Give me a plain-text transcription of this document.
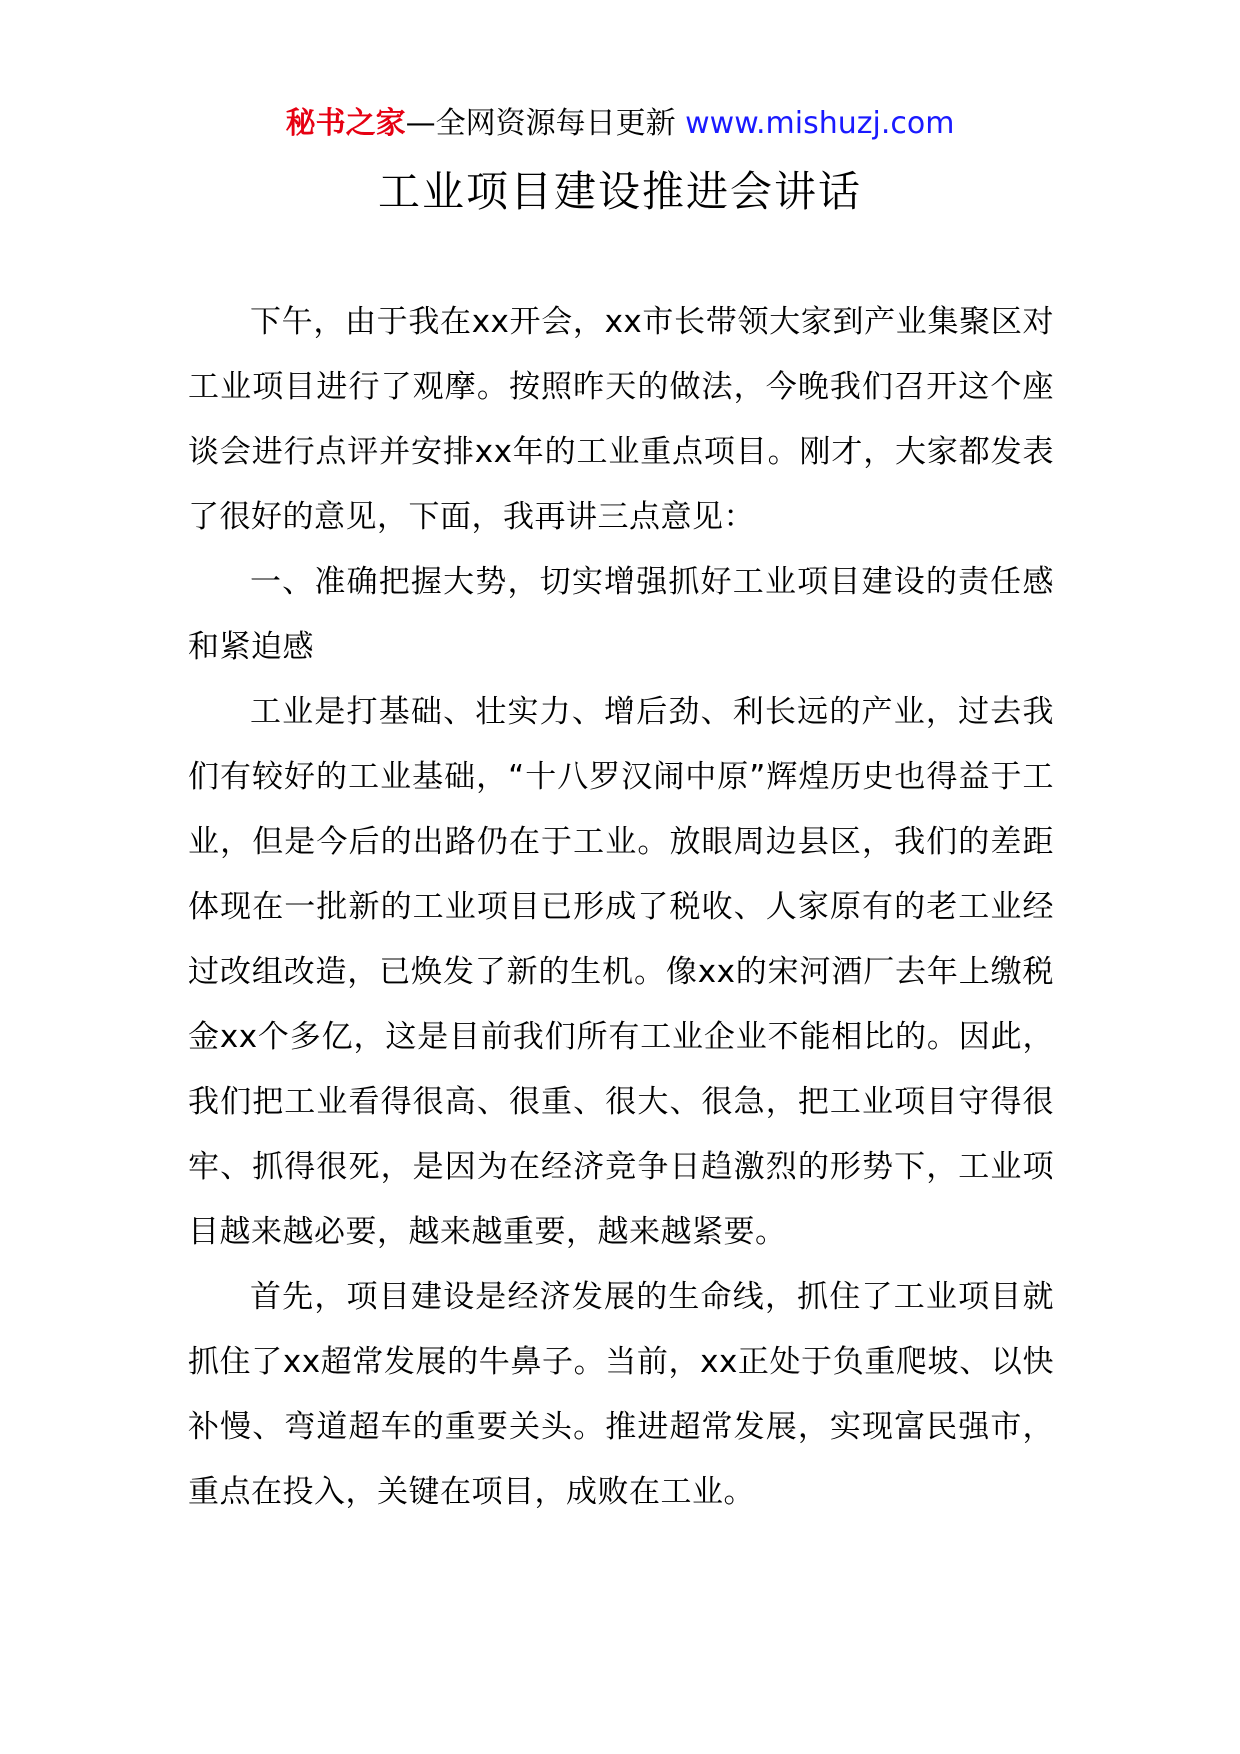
秘书之家—全网资源每日更新 www.mishuzj.com
工业项目建设推进会讲话

下午，由于我在xx开会，xx市长带领大家到产业集聚区对工业项目进行了观摩。按照昨天的做法，今晚我们召开这个座谈会进行点评并安排xx年的工业重点项目。刚才，大家都发表了很好的意见，下面，我再讲三点意见：

一、准确把握大势，切实增强抓好工业项目建设的责任感和紧迫感

工业是打基础、壮实力、增后劲、利长远的产业，过去我们有较好的工业基础，“十八罗汉闹中原”辉煌历史也得益于工业，但是今后的出路仍在于工业。放眼周边县区，我们的差距体现在一批新的工业项目已形成了税收、人家原有的老工业经过改组改造，已焕发了新的生机。像xx的宋河酒厂去年上缴税金xx个多亿，这是目前我们所有工业企业不能相比的。因此，我们把工业看得很高、很重、很大、很急，把工业项目守得很牢、抓得很死，是因为在经济竞争日趋激烈的形势下，工业项目越来越必要，越来越重要，越来越紧要。

首先，项目建设是经济发展的生命线，抓住了工业项目就抓住了xx超常发展的牛鼻子。当前，xx正处于负重爬坡、以快补慢、弯道超车的重要关头。推进超常发展，实现富民强市，重点在投入，关键在项目，成败在工业。
